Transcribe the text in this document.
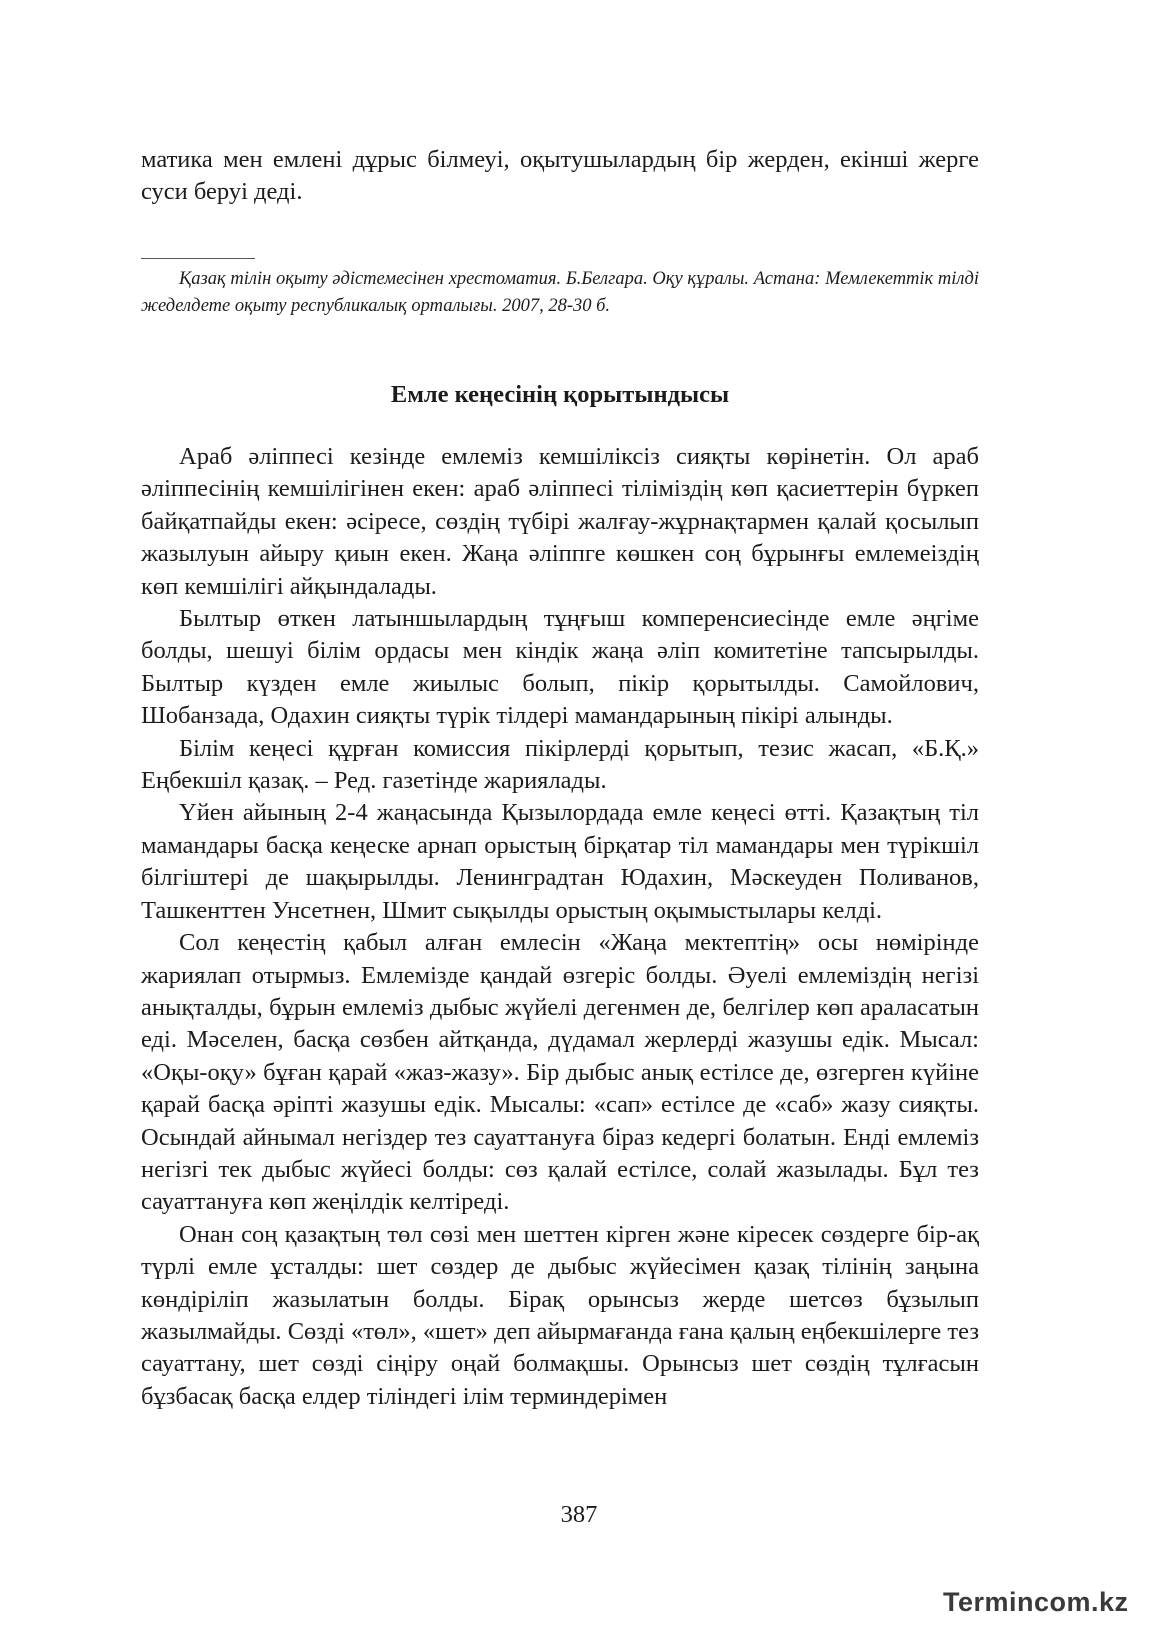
матика мен емлені дұрыс білмеуі, оқытушылардың бір жерден, екінші жерге суси беруі деді.

Қазақ тілін оқыту әдістемесінен хрестоматия. Б.Белгара. Оқу құралы. Астана: Мемлекеттік тілді жеделдете оқыту республикалық орталығы. 2007, 28-30 б.

Емле кеңесінің қорытындысы

Араб әліппесі кезінде емлеміз кемшіліксіз сияқты көрінетін. Ол араб әліппесінің кемшілігінен екен: араб әліппесі тіліміздің көп қасиеттерін бүркеп байқатпайды екен: әсіресе, сөздің түбірі жалғау-жұрнақтармен қалай қосылып жазылуын айыру қиын екен. Жаңа әліппге көшкен соң бұрынғы емлемеіздің көп кемшілігі айқындалады.

Былтыр өткен латыншылардың тұңғыш компеpенсиесінде емле әңгіме болды, шешуі білім ордасы мен кіндік жаңа әліп комитетіне тапсырылды. Былтыр күзден емле жиылыс болып, пікір қорытылды. Самойлович, Шобанзада, Одахин сияқты түрік тілдері мамандарының пікірі алынды.

Білім кеңесі құрған комиссия пікірлерді қорытып, тезис жасап, «Б.Қ.» Еңбекшіл қазақ. – Ред. газетінде жариялады.

Үйен айының 2-4 жаңасында Қызылордада емле кеңесі өтті. Қазақтың тіл мамандары басқа кеңеске арнап орыстың бірқатар тіл мамандары мен түрікшіл білгіштері де шақырылды. Ленинградтан Юдахин, Мәскеуден Поливанов, Ташкенттен Унсетнен, Шмит сықылды орыстың оқымыстылары келді.

Сол кеңестің қабыл алған емлесін «Жаңа мектептің» осы нөмірінде жариялап отырмыз. Емлемізде қандай өзгеріс болды. Әуелі емлеміздің негізі анықталды, бұрын емлеміз дыбыс жүйелі дегенмен де, белгілер көп араласатын еді. Мәселен, басқа сөзбен айтқанда, дүдамал жерлерді жазушы едік. Мысал: «Оқы-оқу» бұған қарай «жаз-жазу». Бір дыбыс анық естілсе де, өзгерген күйіне қарай басқа әріпті жазушы едік. Мысалы: «сап» естілсе де «саб» жазу сияқты. Осындай айнымал негіздер тез сауаттануға біраз кедергі болатын. Енді емлеміз негізгі тек дыбыс жүйесі болды: сөз қалай естілсе, солай жазылады. Бұл тез сауаттануға көп жеңілдік келтіреді.

Онан соң қазақтың төл сөзі мен шеттен кірген және кіресек сөздерге бір-ақ түрлі емле ұсталды: шет сөздер де дыбыс жүйесімен қазақ тілінің заңына көндіріліп жазылатын болды. Бірақ орынсыз жерде шетсөз бұзылып жазылмайды. Сөзді «төл», «шет» деп айырмағанда ғана қалың еңбекшілерге тез сауаттану, шет сөзді сіңіру оңай болмақшы. Орынсыз шет сөздің тұлғасын бұзбасақ басқа елдер тіліндегі ілім терминдерімен

387
Termincom.kz
